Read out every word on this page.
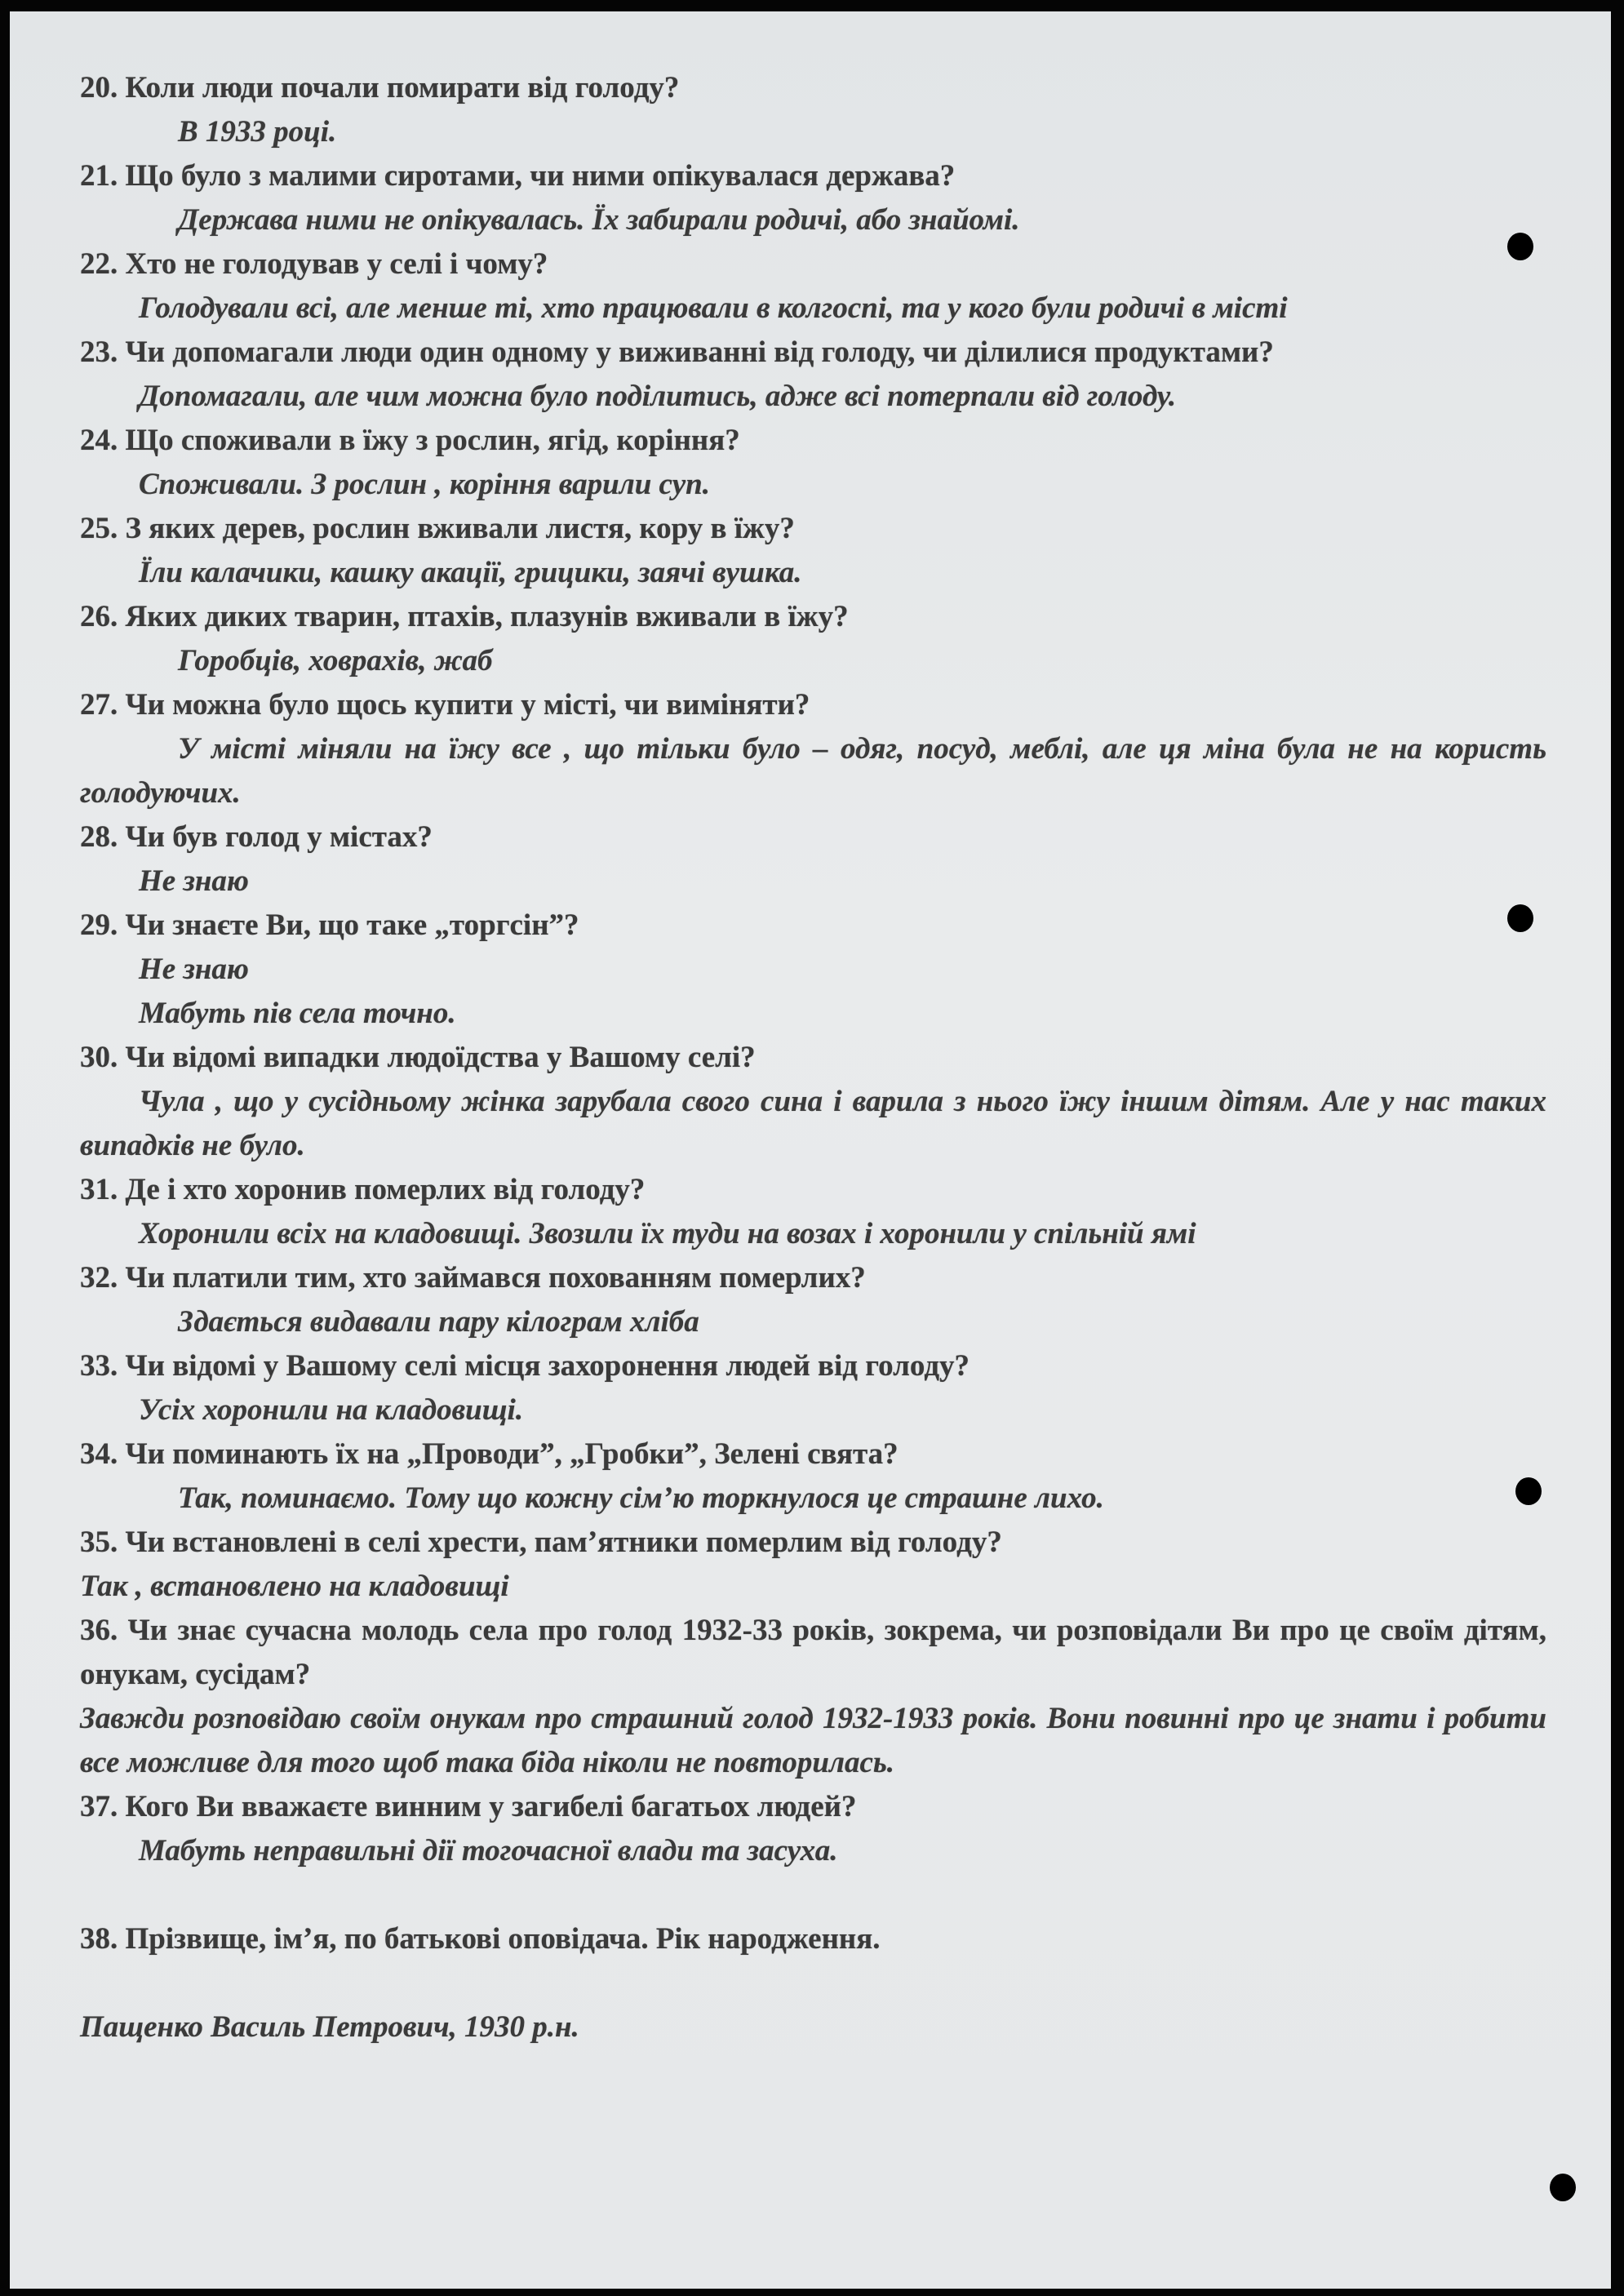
20. Коли люди почали помирати від голоду?

В 1933 році.

21. Що було з малими сиротами, чи ними опікувалася держава?

Держава ними не опікувалась. Їх забирали родичі, або знайомі.

22. Хто не голодував у селі і чому?

Голодували всі, але менше ті, хто працювали в колгоспі, та у кого були родичі в місті

23. Чи допомагали люди один одному у виживанні від голоду, чи ділилися продуктами?

Допомагали, але чим можна було поділитись, адже всі потерпали від голоду.

24. Що споживали в їжу з рослин, ягід, коріння?

Споживали. З рослин , коріння варили суп.

25. З яких дерев, рослин вживали листя, кору в їжу?

Їли калачики, кашку акації, грицики, заячі вушка.

26. Яких диких тварин, птахів, плазунів вживали в їжу?

Горобців, ховрахів, жаб

27. Чи можна було щось купити у місті, чи виміняти?

У місті міняли на їжу все , що тільки було – одяг, посуд, меблі, але ця міна була не на користь голодуючих.

28. Чи був голод у містах?

Не знаю

29. Чи знаєте Ви, що таке „торгсін”?

Не знаю

Мабуть пів села точно.

30. Чи відомі випадки людоїдства у Вашому селі?

Чула , що у сусідньому жінка зарубала свого сина і варила з нього їжу іншим дітям. Але у нас таких випадків не було.

31. Де і хто хоронив померлих від голоду?

Хоронили всіх на кладовищі. Звозили їх туди на возах і хоронили у спільній ямі

32. Чи платили тим, хто займався похованням померлих?

Здається видавали пару кілограм хліба

33. Чи відомі у Вашому селі місця захоронення людей від голоду?

Усіх хоронили на кладовищі.

34. Чи поминають їх на „Проводи”, „Гробки”, Зелені свята?

Так, поминаємо. Тому що кожну сім’ю торкнулося це страшне лихо.

35. Чи встановлені в селі хрести, пам’ятники померлим від голоду?

Так , встановлено на кладовищі

36. Чи знає сучасна молодь села про голод 1932-33 років, зокрема, чи розповідали Ви про це своїм дітям, онукам, сусідам?

Завжди розповідаю своїм онукам про страшний голод 1932-1933 років. Вони повинні про це знати і робити все можливе для того щоб така біда ніколи не повторилась.

37. Кого Ви вважаєте винним у загибелі багатьох людей?

Мабуть неправильні дії тогочасної влади та засуха.

38. Прізвище, ім’я, по батькові оповідача. Рік народження.

Пащенко Василь Петрович, 1930 р.н.
